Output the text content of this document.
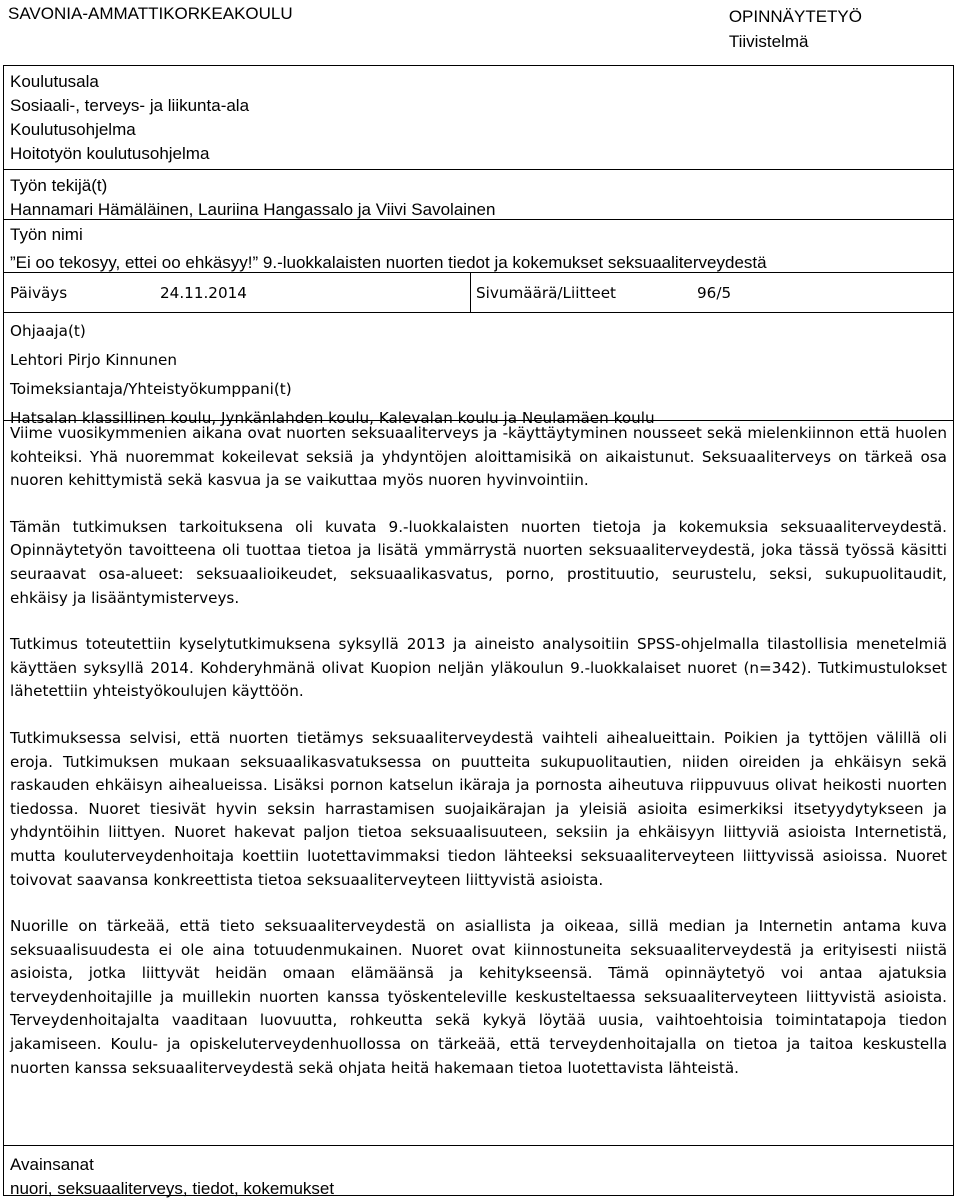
SAVONIA-AMMATTIKORKEAKOULU	OPINNÄYTETYÖ
Tiivistelmä
Koulutusala
Sosiaali-, terveys- ja liikunta-ala
Koulutusohjelma
Hoitotyön koulutusohjelma
Työn tekijä(t)
Hannamari Hämäläinen, Lauriina Hangassalo ja Viivi Savolainen
Työn nimi
”Ei oo tekosyy, ettei oo ehkäsyy!” 9.-luokkalaisten nuorten tiedot ja kokemukset seksuaaliterveydestä
Päiväys	24.11.2014	Sivumäärä/Liitteet	96/5
Ohjaaja(t)
Lehtori Pirjo Kinnunen
Toimeksiantaja/Yhteistyökumppani(t)
Hatsalan klassillinen koulu, Jynkänlahden koulu, Kalevalan koulu ja Neulamäen koulu

Viime vuosikymmenien aikana ovat nuorten seksuaaliterveys ja -käyttäytyminen nousseet sekä mielenkiinnon että huolen kohteiksi. Yhä nuoremmat kokeilevat seksiä ja yhdyntöjen aloittamisikä on aikaistunut. Seksuaaliterveys on tärkeä osa nuoren kehittymistä sekä kasvua ja se vaikuttaa myös nuoren hyvinvointiin.

Tämän tutkimuksen tarkoituksena oli kuvata 9.-luokkalaisten nuorten tietoja ja kokemuksia seksuaaliterveydestä. Opinnäytetyön tavoitteena oli tuottaa tietoa ja lisätä ymmärrystä nuorten seksuaaliterveydestä, joka tässä työssä käsitti seuraavat osa-alueet: seksuaalioikeudet, seksuaalikasvatus, porno, prostituutio, seurustelu, seksi, sukupuolitaudit, ehkäisy ja lisääntymisterveys.

Tutkimus toteutettiin kyselytutkimuksena syksyllä 2013 ja aineisto analysoitiin SPSS-ohjelmalla tilastollisia menetelmiä käyttäen syksyllä 2014. Kohderyhmänä olivat Kuopion neljän yläkoulun 9.-luokkalaiset nuoret (n=342). Tutkimustulokset lähetettiin yhteistyökoulujen käyttöön.

Tutkimuksessa selvisi, että nuorten tietämys seksuaaliterveydestä vaihteli aihealueittain. Poikien ja tyttöjen välillä oli eroja. Tutkimuksen mukaan seksuaalikasvatuksessa on puutteita sukupuolitautien, niiden oireiden ja ehkäisyn sekä raskauden ehkäisyn aihealueissa. Lisäksi pornon katselun ikäraja ja pornosta aiheutuva riippuvuus olivat heikosti nuorten tiedossa. Nuoret tiesivät hyvin seksin harrastamisen suojaikärajan ja yleisiä asioita esimerkiksi itsetyydytykseen ja yhdyntöihin liittyen. Nuoret hakevat paljon tietoa seksuaalisuuteen, seksiin ja ehkäisyyn liittyviä asioista Internetistä, mutta kouluterveydenhoitaja koettiin luotettavimmaksi tiedon lähteeksi seksuaaliterveyteen liittyvissä asioissa. Nuoret toivovat saavansa konkreettista tietoa seksuaaliterveyteen liittyvistä asioista.

Nuorille on tärkeää, että tieto seksuaaliterveydestä on asiallista ja oikeaa, sillä median ja Internetin antama kuva seksuaalisuudesta ei ole aina totuudenmukainen. Nuoret ovat kiinnostuneita seksuaaliterveydestä ja erityisesti niistä asioista, jotka liittyvät heidän omaan elämäänsä ja kehitykseensä. Tämä opinnäytetyö voi antaa ajatuksia terveydenhoitajille ja muillekin nuorten kanssa työskenteleville keskusteltaessa seksuaaliterveyteen liittyvistä asioista. Terveydenhoitajalta vaaditaan luovuutta, rohkeutta sekä kykyä löytää uusia, vaihtoehtoisia toimintatapoja tiedon jakamiseen. Koulu- ja opiskeluterveydenhuollossa on tärkeää, että terveydenhoitajalla on tietoa ja taitoa keskustella nuorten kanssa seksuaaliterveydestä sekä ohjata heitä hakemaan tietoa luotettavista lähteistä.

Avainsanat
nuori, seksuaaliterveys, tiedot, kokemukset
